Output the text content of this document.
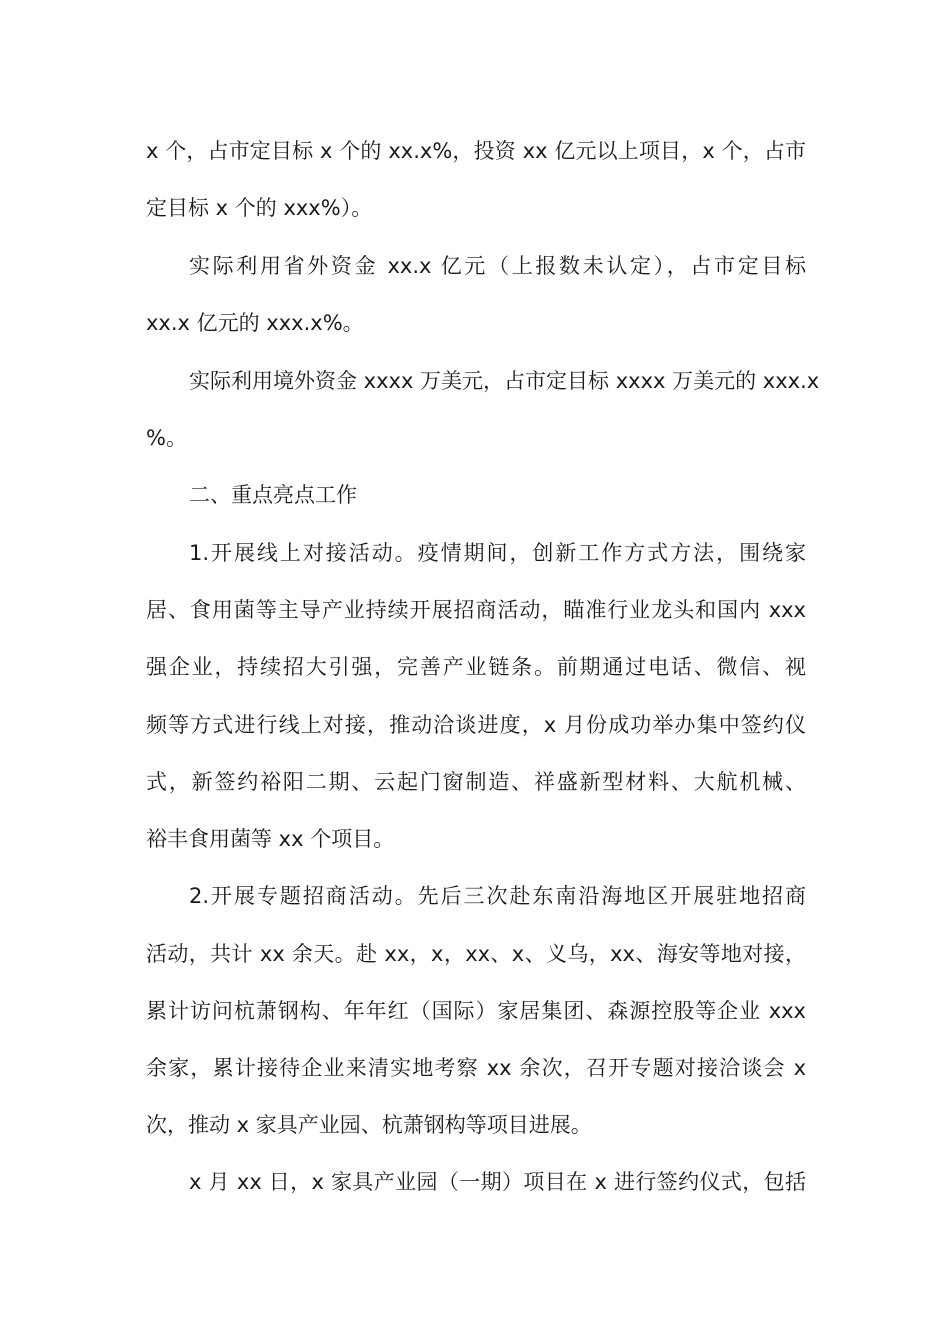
x 个，占市定目标 x 个的 xx.x%，投资 xx 亿元以上项目，x 个，占市

定目标 x 个的 xxx%）。

实际利用省外资金 xx.x 亿元（上报数未认定），占市定目标

xx.x 亿元的 xxx.x%。

实际利用境外资金 xxxx 万美元，占市定目标 xxxx 万美元的 xxx.x

%。

二、重点亮点工作

1.开展线上对接活动。疫情期间，创新工作方式方法，围绕家

居、食用菌等主导产业持续开展招商活动，瞄准行业龙头和国内 xxx

强企业，持续招大引强，完善产业链条。前期通过电话、微信、视

频等方式进行线上对接，推动洽谈进度，x 月份成功举办集中签约仪

式，新签约裕阳二期、云起门窗制造、祥盛新型材料、大航机械、

裕丰食用菌等 xx 个项目。

2.开展专题招商活动。先后三次赴东南沿海地区开展驻地招商

活动，共计 xx 余天。赴 xx，x，xx、x、义乌，xx、海安等地对接，

累计访问杭萧钢构、年年红（国际）家居集团、森源控股等企业 xxx

余家，累计接待企业来清实地考察 xx 余次，召开专题对接洽谈会 x

次，推动 x 家具产业园、杭萧钢构等项目进展。

x 月 xx 日，x 家具产业园（一期）项目在 x 进行签约仪式，包括
